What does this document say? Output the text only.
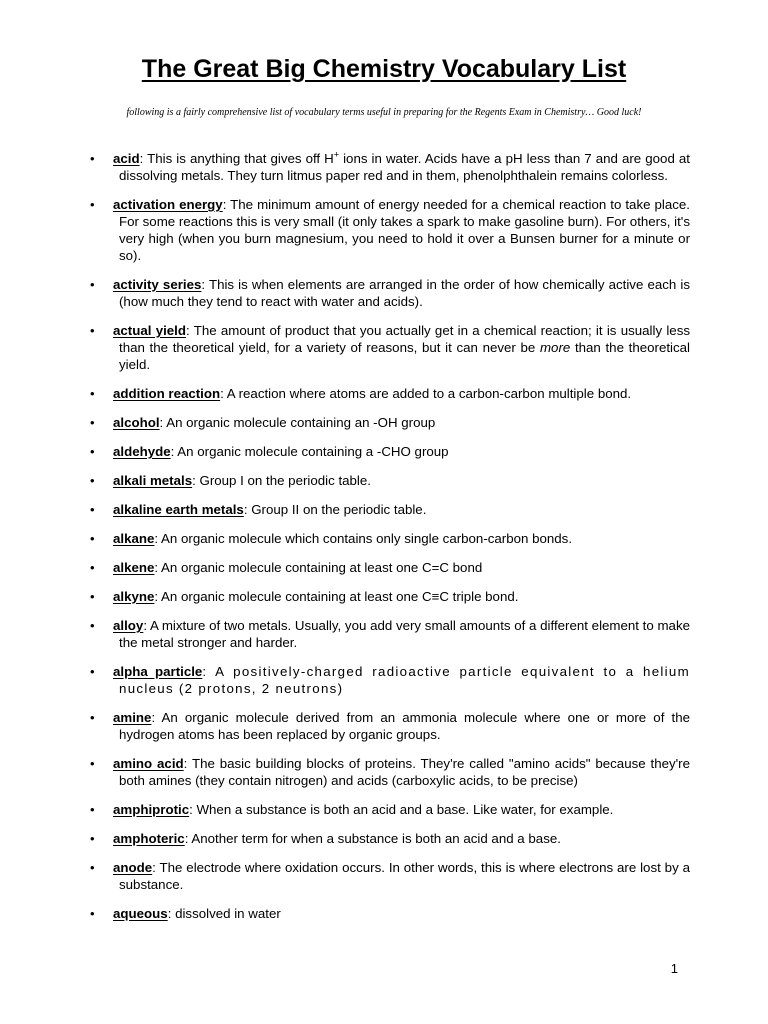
The Great Big Chemistry Vocabulary List
following is a fairly comprehensive list of vocabulary terms useful in preparing for the Regents Exam in Chemistry… Good luck!
• acid: This is anything that gives off H+ ions in water. Acids have a pH less than 7 and are good at dissolving metals. They turn litmus paper red and in them, phenolphthalein remains colorless.
• activation energy: The minimum amount of energy needed for a chemical reaction to take place. For some reactions this is very small (it only takes a spark to make gasoline burn). For others, it's very high (when you burn magnesium, you need to hold it over a Bunsen burner for a minute or so).
• activity series: This is when elements are arranged in the order of how chemically active each is (how much they tend to react with water and acids).
• actual yield: The amount of product that you actually get in a chemical reaction; it is usually less than the theoretical yield, for a variety of reasons, but it can never be more than the theoretical yield.
• addition reaction: A reaction where atoms are added to a carbon-carbon multiple bond.
• alcohol: An organic molecule containing an -OH group
• aldehyde: An organic molecule containing a -CHO group
• alkali metals: Group I on the periodic table.
• alkaline earth metals: Group II on the periodic table.
• alkane: An organic molecule which contains only single carbon-carbon bonds.
• alkene: An organic molecule containing at least one C=C bond
• alkyne: An organic molecule containing at least one C≡C triple bond.
• alloy: A mixture of two metals. Usually, you add very small amounts of a different element to make the metal stronger and harder.
• alpha particle: A positively-charged radioactive particle equivalent to a helium nucleus (2 protons, 2 neutrons)
• amine: An organic molecule derived from an ammonia molecule where one or more of the hydrogen atoms has been replaced by organic groups.
• amino acid: The basic building blocks of proteins. They're called "amino acids" because they're both amines (they contain nitrogen) and acids (carboxylic acids, to be precise)
• amphiprotic: When a substance is both an acid and a base. Like water, for example.
• amphoteric: Another term for when a substance is both an acid and a base.
• anode: The electrode where oxidation occurs. In other words, this is where electrons are lost by a substance.
• aqueous: dissolved in water
1
